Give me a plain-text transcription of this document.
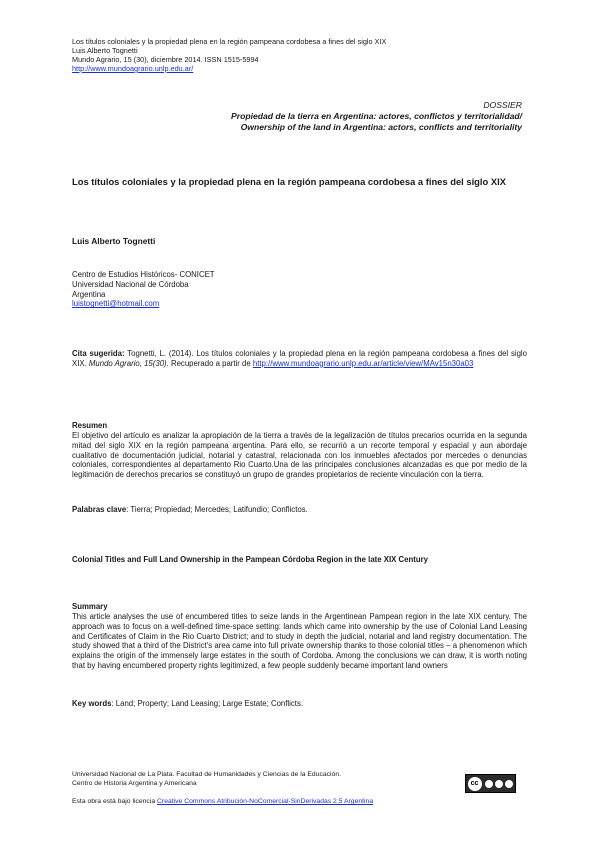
Los títulos coloniales y la propiedad plena en la región pampeana cordobesa a fines del siglo XIX
Luis Alberto Tognetti
Mundo Agrario, 15 (30), diciembre 2014. ISSN 1515-5994
http://www.mundoagrario.unlp.edu.ar/
DOSSIER
Propiedad de la tierra en Argentina: actores, conflictos y territorialidad/
Ownership of the land in Argentina: actors, conflicts and territoriality
Los títulos coloniales y la propiedad plena en la región pampeana cordobesa a fines del siglo XIX
Luis Alberto Tognetti
Centro de Estudios Históricos- CONICET
Universidad Nacional de Córdoba
Argentina
luistognetti@hotmail.com
Cita sugerida: Tognetti, L. (2014). Los títulos coloniales y la propiedad plena en la región pampeana cordobesa a fines del siglo XIX. Mundo Agrario, 15(30). Recuperado a partir de http://www.mundoagrario.unlp.edu.ar/article/view/MAv15n30a03
Resumen
El objetivo del artículo es analizar la apropiación de la tierra a través de la legalización de títulos precarios ocurrida en la segunda mitad del siglo XIX en la región pampeana argentina. Para ello, se recurrió a un recorte temporal y espacial y aun abordaje cualitativo de documentación judicial, notarial y catastral, relacionada con los inmuebles afectados por mercedes o denuncias coloniales, correspondientes al departamento Rio Cuarto.Una de las principales conclusiones alcanzadas es que por medio de la legitimación de derechos precarios se constituyó un grupo de grandes propietarios de reciente vinculación con la tierra.
Palabras clave: Tierra; Propiedad; Mercedes; Latifundio; Conflictos.
Colonial Titles and Full Land Ownership in the Pampean Córdoba Region in the late XIX Century
Summary
This article analyses the use of encumbered titles to seize lands in the Argentinean Pampean region in the late XIX century. The approach was to focus on a well-defined time-space setting: lands which came into ownership by the use of Colonial Land Leasing and Certificates of Claim in the Rio Cuarto District; and to study in depth the judicial, notarial and land registry documentation. The study showed that a third of the District's area came into full private ownership thanks to those colonial titles – a phenomenon which explains the origin of the immensely large estates in the south of Cordoba. Among the conclusions we can draw, it is worth noting that by having encumbered property rights legitimized, a few people suddenly became important land owners
Key words: Land; Property; Land Leasing; Large Estate; Conflicts.
Universidad Nacional de La Plata. Facultad de Humanidades y Ciencias de la Educación.
Centro de Historia Argentina y Americana	cc
Esta obra está bajo licencia Creative Commons Atribución-NoComercial-SinDerivadas 2.5 Argentina
